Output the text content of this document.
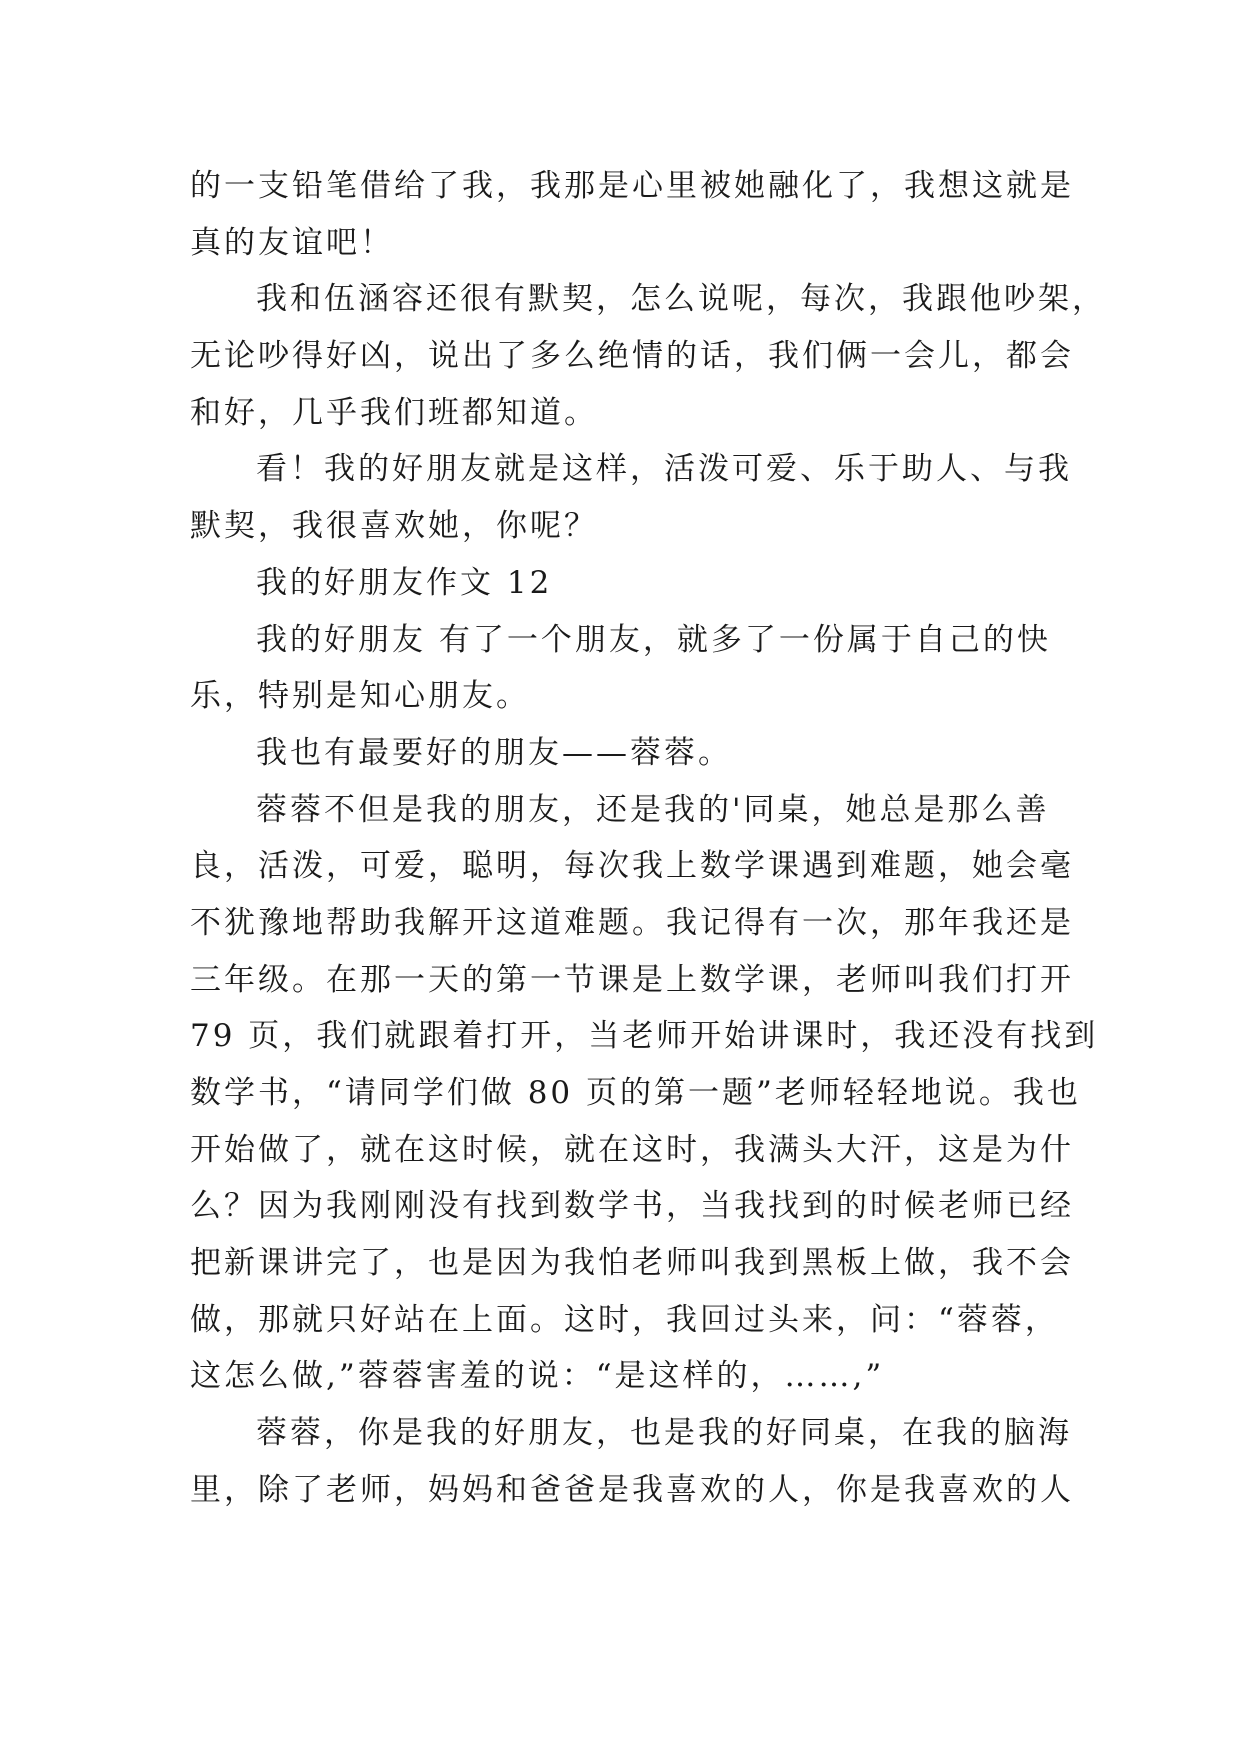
的一支铅笔借给了我，我那是心里被她融化了，我想这就是
真的友谊吧！
我和伍涵容还很有默契，怎么说呢，每次，我跟他吵架，
无论吵得好凶，说出了多么绝情的话，我们俩一会儿，都会
和好，几乎我们班都知道。
看！我的好朋友就是这样，活泼可爱、乐于助人、与我
默契，我很喜欢她，你呢？
我的好朋友作文 12
我的好朋友 有了一个朋友，就多了一份属于自己的快
乐，特别是知心朋友。
我也有最要好的朋友——蓉蓉。
蓉蓉不但是我的朋友，还是我的'同桌，她总是那么善
良，活泼，可爱，聪明，每次我上数学课遇到难题，她会毫
不犹豫地帮助我解开这道难题。我记得有一次，那年我还是
三年级。在那一天的第一节课是上数学课，老师叫我们打开
79 页，我们就跟着打开，当老师开始讲课时，我还没有找到
数学书，“请同学们做 80 页的第一题”老师轻轻地说。我也
开始做了，就在这时候，就在这时，我满头大汗，这是为什
么？因为我刚刚没有找到数学书，当我找到的时候老师已经
把新课讲完了，也是因为我怕老师叫我到黑板上做，我不会
做，那就只好站在上面。这时，我回过头来，问：“蓉蓉，
这怎么做,”蓉蓉害羞的说：“是这样的，……,”
蓉蓉，你是我的好朋友，也是我的好同桌，在我的脑海
里，除了老师，妈妈和爸爸是我喜欢的人，你是我喜欢的人
